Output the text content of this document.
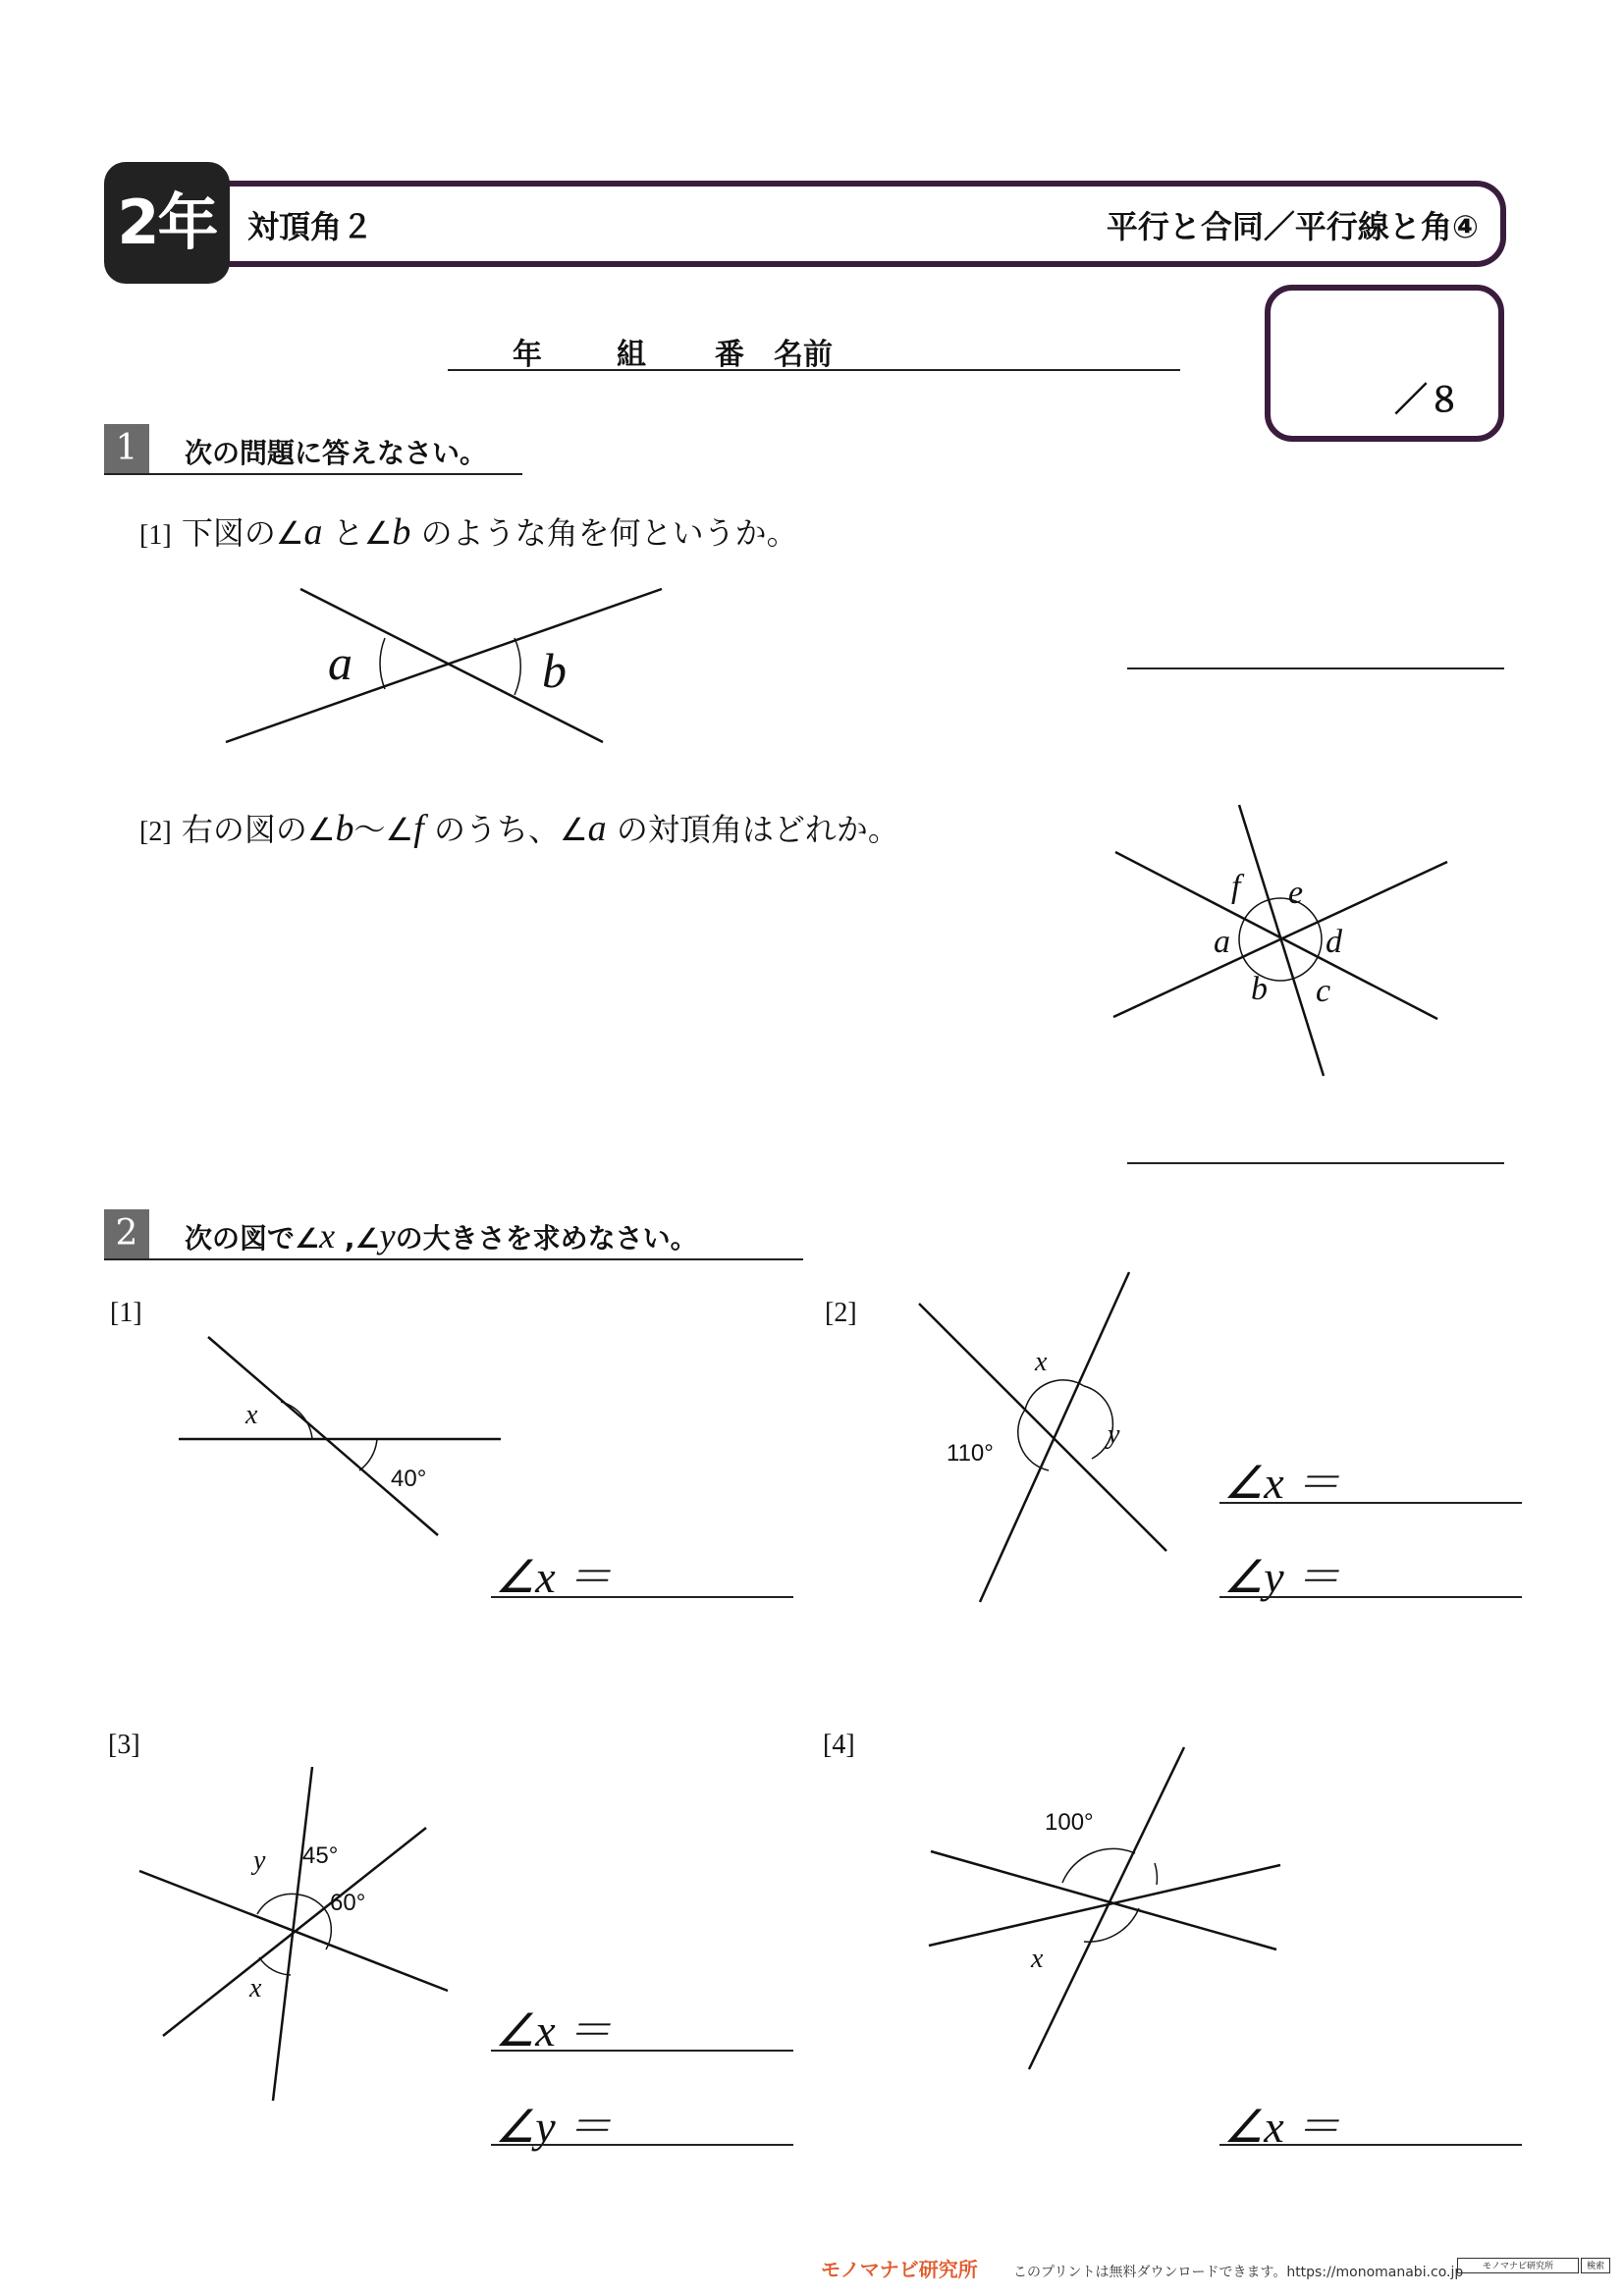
2年 対頂角２	平行と合同／平行線と角④
／８
年	組 番 名前
1	次の問題に答えなさい。
[1] 下図の∠a と∠b のような角を何というか。
[2] 右の図の∠b〜∠f のうち、∠a の対頂角はどれか。
2	次の図で∠x ,∠yの大きさを求めなさい。
[1]	[2]
[3]	[4]
∠x ＝
∠x ＝
∠y ＝
∠x ＝
∠y ＝	∠x ＝
a	b
f e
a	d
b c
x
x
y
y
x
x
40°
110°
45°
60°
100°
モノマナビ研究所	このプリントは無料ダウンロードできます。https://monomanabi.co.jp	モノマナビ研究所	検索
